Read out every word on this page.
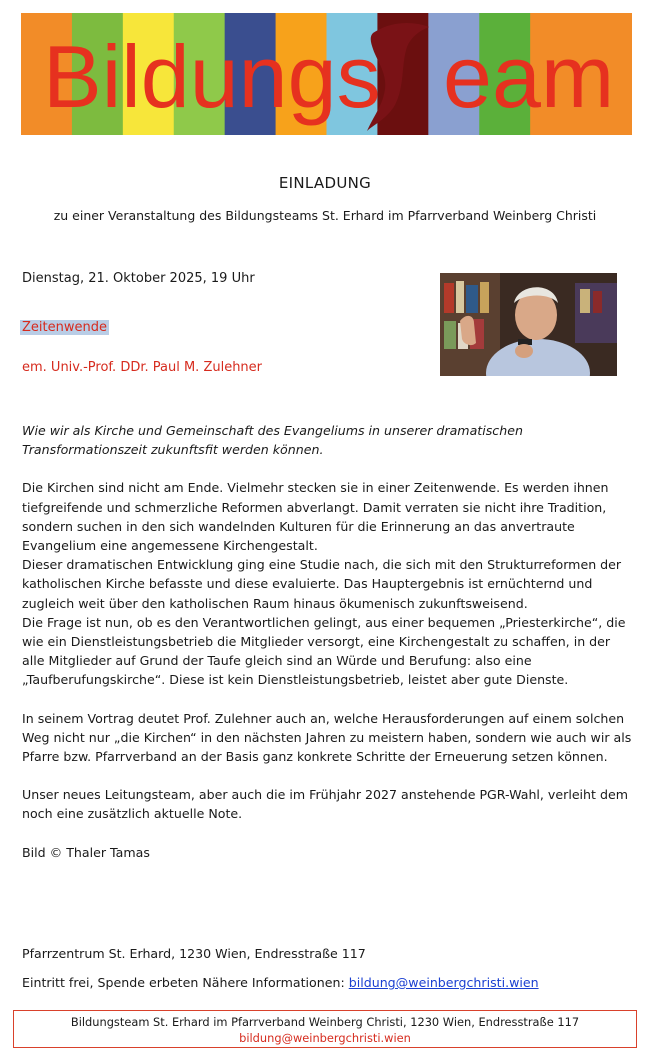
Bildungs eam
EINLADUNG
zu einer Veranstaltung des Bildungsteams St. Erhard im Pfarrverband Weinberg Christi
Dienstag, 21. Oktober 2025, 19 Uhr
Zeitenwende
em. Univ.-Prof. DDr. Paul M. Zulehner

Wie wir als Kirche und Gemeinschaft des Evangeliums in unserer dramatischen Transformationszeit zukunftsfit werden können.

Die Kirchen sind nicht am Ende. Vielmehr stecken sie in einer Zeitenwende. Es werden ihnen tiefgreifende und schmerzliche Reformen abverlangt. Damit verraten sie nicht ihre Tradition, sondern suchen in den sich wandelnden Kulturen für die Erinnerung an das anvertraute Evangelium eine angemessene Kirchengestalt.

Dieser dramatischen Entwicklung ging eine Studie nach, die sich mit den Strukturreformen der katholischen Kirche befasste und diese evaluierte. Das Hauptergebnis ist ernüchternd und zugleich weit über den katholischen Raum hinaus ökumenisch zukunftsweisend.

Die Frage ist nun, ob es den Verantwortlichen gelingt, aus einer bequemen „Priesterkirche“, die wie ein Dienstleistungsbetrieb die Mitglieder versorgt, eine Kirchengestalt zu schaffen, in der alle Mitglieder auf Grund der Taufe gleich sind an Würde und Berufung: also eine „Taufberufungskirche“. Diese ist kein Dienstleistungsbetrieb, leistet aber gute Dienste.

In seinem Vortrag deutet Prof. Zulehner auch an, welche Herausforderungen auf einem solchen Weg nicht nur „die Kirchen“ in den nächsten Jahren zu meistern haben, sondern wie auch wir als Pfarre bzw. Pfarrverband an der Basis ganz konkrete Schritte der Erneuerung setzen können.

Unser neues Leitungsteam, aber auch die im Frühjahr 2027 anstehende PGR-Wahl, verleiht dem noch eine zusätzlich aktuelle Note.

Bild © Thaler Tamas

Pfarrzentrum St. Erhard, 1230 Wien, Endresstraße 117
Eintritt frei, Spende erbeten Nähere Informationen: bildung@weinbergchristi.wien
Bildungsteam St. Erhard im Pfarrverband Weinberg Christi, 1230 Wien, Endresstraße 117
bildung@weinbergchristi.wien
